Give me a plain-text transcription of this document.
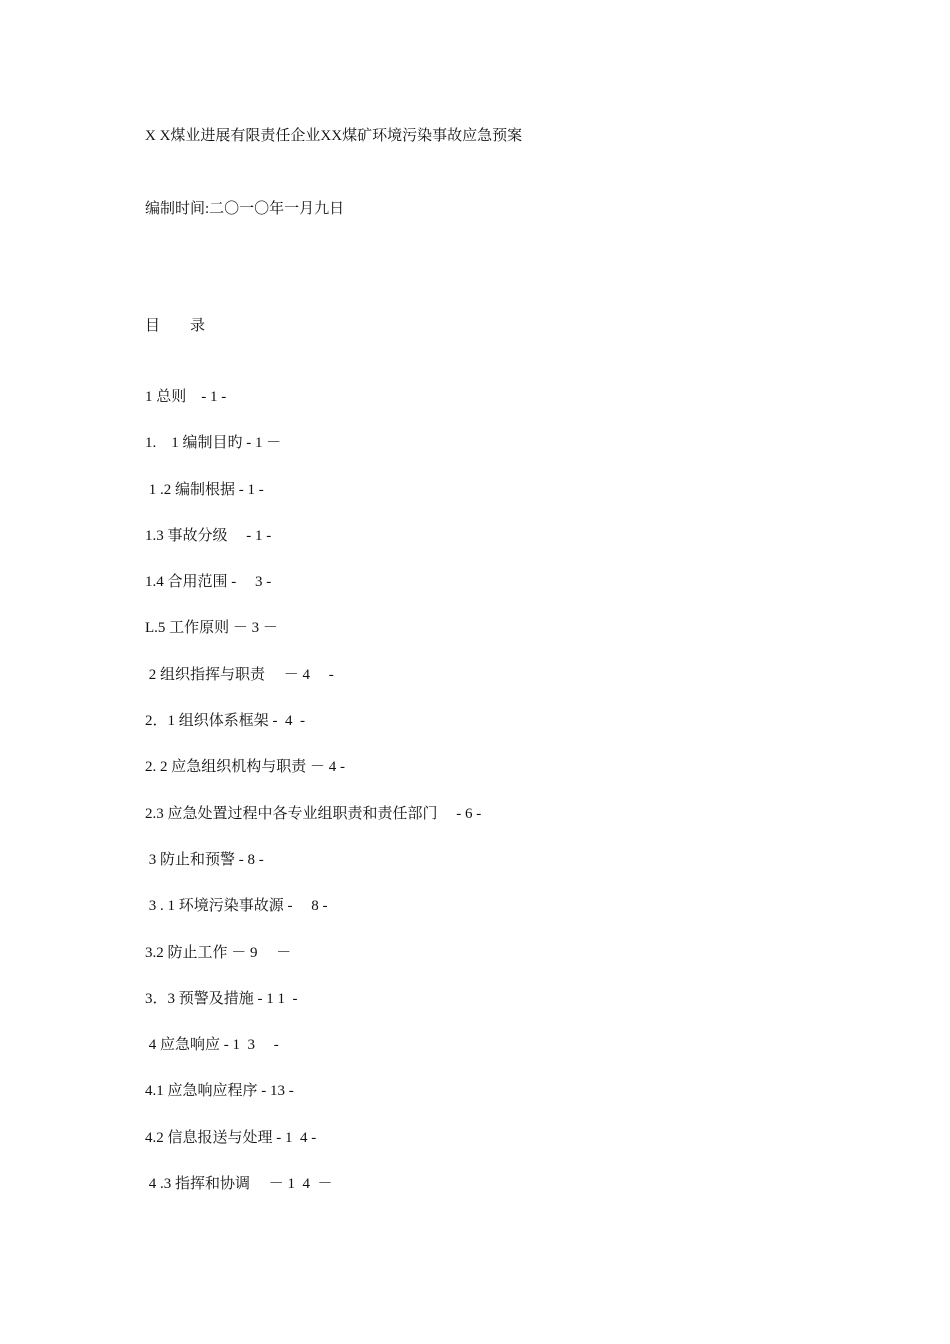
X X煤业进展有限责任企业XX煤矿环境污染事故应急预案

编制时间:二〇一〇年一月九日

目　　录

1 总则　- 1 -
1.　1 编制目旳 - 1 －
1 .2 编制根据 - 1 -
1.3 事故分级　 - 1 -
1.4 合用范围 -　 3 -
L.5 工作原则 － 3 －
2 组织指挥与职责　 － 4　 -
2．1 组织体系框架 -  4  -
2. 2 应急组织机构与职责 － 4 -
2.3 应急处置过程中各专业组职责和责任部门　 - 6 -
3 防止和预警 - 8 -
3 . 1 环境污染事故源 -　 8 -
3.2 防止工作 － 9　 －
3．3 预警及措施 - 1 1  -
4 应急响应 - 1  3　 -
4.1 应急响应程序 - 13 -
4.2 信息报送与处理 - 1  4 -
4 .3 指挥和协调　 － 1  4  －
